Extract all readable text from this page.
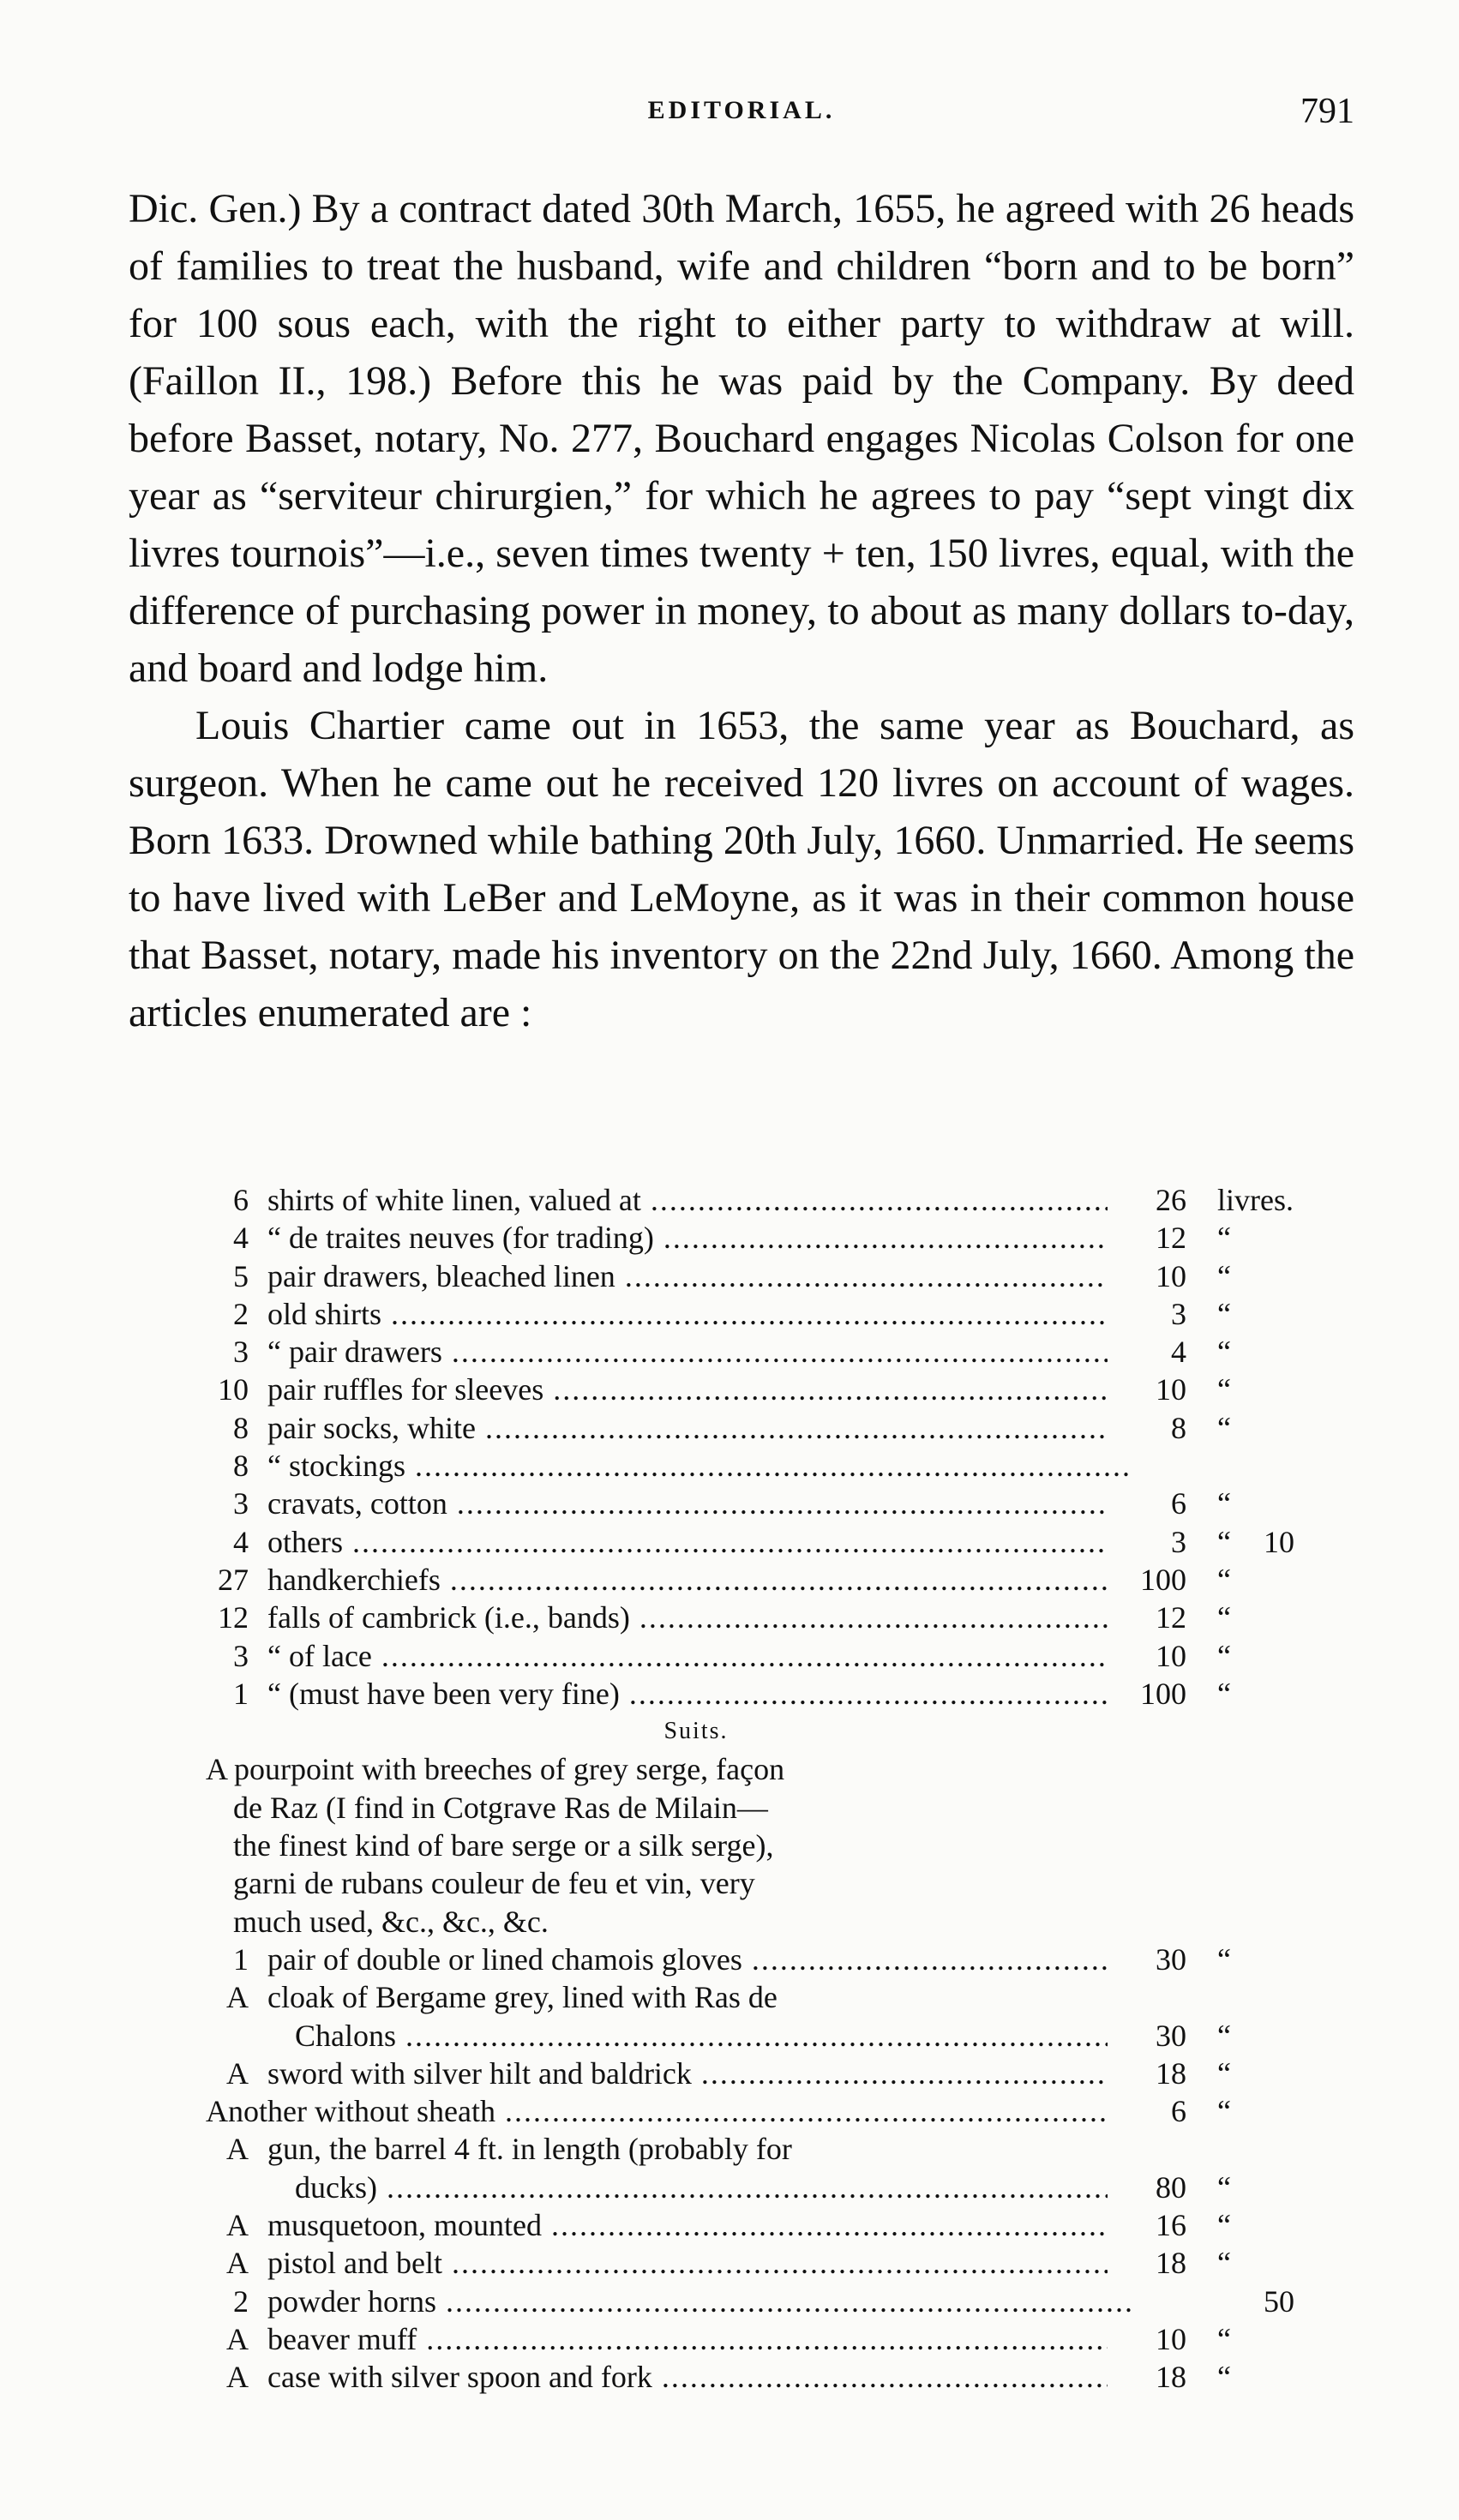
EDITORIAL.	791

Dic. Gen.) By a contract dated 30th March, 1655, he agreed with 26 heads of families to treat the husband, wife and children “born and to be born” for 100 sous each, with the right to either party to withdraw at will. (Faillon II., 198.) Before this he was paid by the Company. By deed before Basset, notary, No. 277, Bouchard engages Nicolas Colson for one year as “serviteur chirurgien,” for which he agrees to pay “sept vingt dix livres tournois”—i.e., seven times twenty + ten, 150 livres, equal, with the difference of purchasing power in money, to about as many dollars to-day, and board and lodge him.

Louis Chartier came out in 1653, the same year as Bouchard, as surgeon. When he came out he received 120 livres on account of wages. Born 1633. Drowned while bathing 20th July, 1660. Unmarried. He seems to have lived with LeBer and LeMoyne, as it was in their common house that Basset, notary, made his inventory on the 22nd July, 1660. Among the articles enumerated are :

6 shirts of white linen, valued at .....	26 livres.
4 “ de traites neuves (for trading) .....	12 “
5 pair drawers, bleached linen .....	10 “
2 old shirts .....	3 “
3 “ pair drawers .....	4 “
10 pair ruffles for sleeves .....	10 “
8 pair socks, white .....	8 “
8 “ stockings .....
3 cravats, cotton .....	6 “
4 others .....	3 “ 10
27 handkerchiefs .....	100 “
12 falls of cambrick (i.e., bands) .....	12 “
3 “ of lace .....	10 “
1 “ (must have been very fine) .....	100 “
Suits.
A pourpoint with breeches of grey serge, façon
de Raz (I find in Cotgrave Ras de Milain—
the finest kind of bare serge or a silk serge),
garni de rubans couleur de feu et vin, very
much used, &c., &c., &c.
1 pair of double or lined chamois gloves .....	30 “
A cloak of Bergame grey, lined with Ras de
Chalons .....	30 “
A sword with silver hilt and baldrick .....	18 “
Another without sheath .....	6 “
A gun, the barrel 4 ft. in length (probably for
ducks) .....	80 “
A musquetoon, mounted .....	16 “
A pistol and belt .....	18 “
2 powder horns .....	50
A beaver muff .....	10 “
A case with silver spoon and fork .....	18 “
